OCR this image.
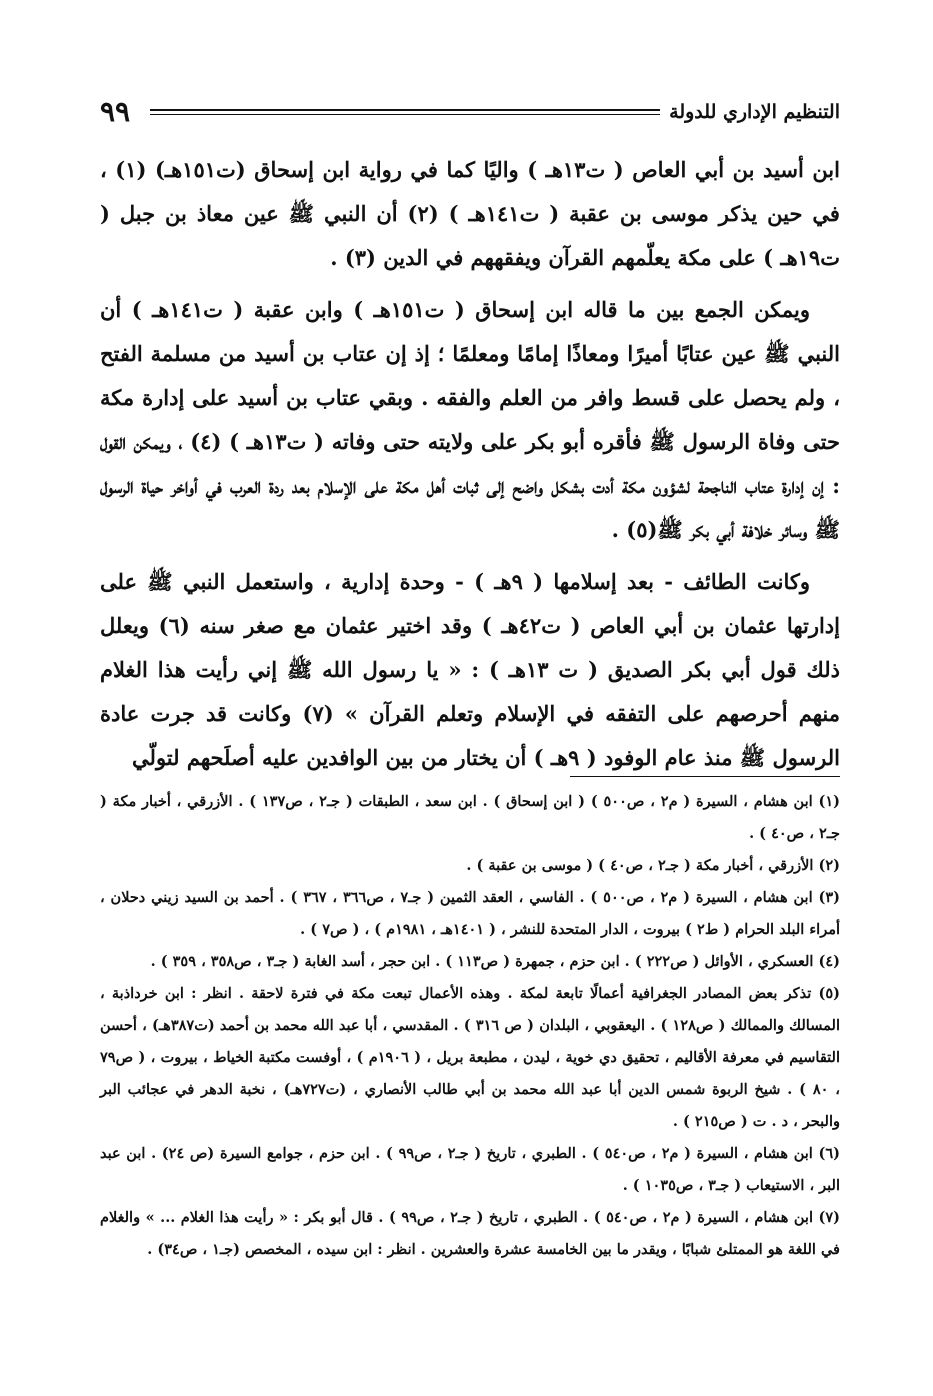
٩٩	التنظيم الإداري للدولة

ابن أسيد بن أبي العاص ( ت١٣هـ ) واليًا كما في رواية ابن إسحاق (ت١٥١هـ) (١) ، في حين يذكر موسى بن عقبة ( ت١٤١هـ ) (٢) أن النبي ﷺ عين معاذ بن جبل ( ت١٩هـ ) على مكة يعلّمهم القرآن ويفقههم في الدين (٣) .

ويمكن الجمع بين ما قاله ابن إسحاق ( ت١٥١هـ ) وابن عقبة ( ت١٤١هـ ) أن النبي ﷺ عين عتابًا أميرًا ومعاذًا إمامًا ومعلمًا ؛ إذ إن عتاب بن أسيد من مسلمة الفتح ، ولم يحصل على قسط وافر من العلم والفقه . وبقي عتاب بن أسيد على إدارة مكة حتى وفاة الرسول ﷺ فأقره أبو بكر على ولايته حتى وفاته ( ت١٣هـ ) (٤) ، ويمكن القول : إن إدارة عتاب الناجحة لشؤون مكة أدت بشكل واضح إلى ثبات أهل مكة على الإسلام بعد ردة العرب في أواخر حياة الرسول ﷺ وسائر خلافة أبي بكر ﷺ(٥) .

وكانت الطائف - بعد إسلامها ( ٩هـ ) - وحدة إدارية ، واستعمل النبي ﷺ على إدارتها عثمان بن أبي العاص ( ت٤٢هـ ) وقد اختير عثمان مع صغر سنه (٦) ويعلل ذلك قول أبي بكر الصديق ( ت ١٣هـ ) : « يا رسول الله ﷺ إني رأيت هذا الغلام منهم أحرصهم على التفقه في الإسلام وتعلم القرآن » (٧) وكانت قد جرت عادة الرسول ﷺ منذ عام الوفود ( ٩هـ ) أن يختار من بين الوافدين عليه أصلَحهم لتولّي

(١) ابن هشام ، السيرة ( م٢ ، ص٥٠٠ ) ( ابن إسحاق ) . ابن سعد ، الطبقات ( جـ٢ ، ص١٣٧ ) . الأزرقي ، أخبار مكة ( جـ٢ ، ص٤٠ ) .

(٢) الأزرقي ، أخبار مكة ( جـ٢ ، ص٤٠ ) ( موسى بن عقبة ) .

(٣) ابن هشام ، السيرة ( م٢ ، ص٥٠٠ ) . الفاسي ، العقد الثمين ( جـ٧ ، ص٣٦٦ ، ٣٦٧ ) . أحمد بن السيد زيني دحلان ، أمراء البلد الحرام ( ط٢ ) بيروت ، الدار المتحدة للنشر ، ( ١٤٠١هـ ، ١٩٨١م ) ، ( ص٧ ) .

(٤) العسكري ، الأوائل ( ص٢٢٢ ) . ابن حزم ، جمهرة ( ص١١٣ ) . ابن حجر ، أسد الغابة ( جـ٣ ، ص٣٥٨ ، ٣٥٩ ) .

(٥) تذكر بعض المصادر الجغرافية أعمالًا تابعة لمكة . وهذه الأعمال تبعت مكة في فترة لاحقة . انظر : ابن خرداذبة ، المسالك والممالك ( ص١٢٨ ) . اليعقوبي ، البلدان ( ص ٣١٦ ) . المقدسي ، أبا عبد الله محمد بن أحمد (ت٣٨٧هـ) ، أحسن التقاسيم في معرفة الأقاليم ، تحقيق دي خوية ، ليدن ، مطبعة بريل ، ( ١٩٠٦م ) ، أوفست مكتبة الخياط ، بيروت ، ( ص٧٩ ، ٨٠ ) . شيخ الربوة شمس الدين أبا عبد الله محمد بن أبي طالب الأنصاري ، (ت٧٢٧هـ) ، نخبة الدهر في عجائب البر والبحر ، د . ت ( ص٢١٥ ) .

(٦) ابن هشام ، السيرة ( م٢ ، ص٥٤٠ ) . الطبري ، تاريخ ( جـ٢ ، ص٩٩ ) . ابن حزم ، جوامع السيرة (ص ٢٤) . ابن عبد البر ، الاستيعاب ( جـ٣ ، ص١٠٣٥ ) .

(٧) ابن هشام ، السيرة ( م٢ ، ص٥٤٠ ) . الطبري ، تاريخ ( جـ٢ ، ص٩٩ ) . قال أبو بكر : « رأيت هذا الغلام ... » والغلام في اللغة هو الممتلئ شبابًا ، ويقدر ما بين الخامسة عشرة والعشرين . انظر : ابن سيده ، المخصص (جـ١ ، ص٣٤) .
